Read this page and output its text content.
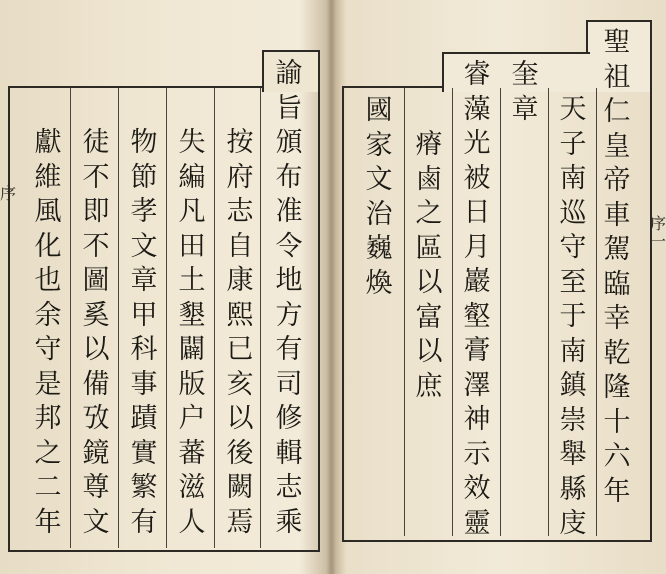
序
諭
旨
頒
布
准
令
地
方
有
司
修
輯
志
乘
按
府
志
自
康
熙
已
亥
以
後
闕
焉
失
編
凡
田
土
墾
闢
版
户
蕃
滋
人
物
節
孝
文
章
甲
科
事
蹟
實
繁
有
徒
不
即
不
圖
奚
以
備
攷
鏡
尊
文
獻
維
風
化
也
余
守
是
邦
之
二
年
序一
聖
祖
仁
皇
帝
車
駕
臨
幸
乾
隆
十
六
年
天
子
南
巡
守
至
于
南
鎮
崇
舉
縣
庋
奎
章
睿
藻
光
被
日
月
巖
壑
膏
澤
神
示
效
靈
瘠
鹵
之
區
以
富
以
庶
國
家
文
治
巍
煥
